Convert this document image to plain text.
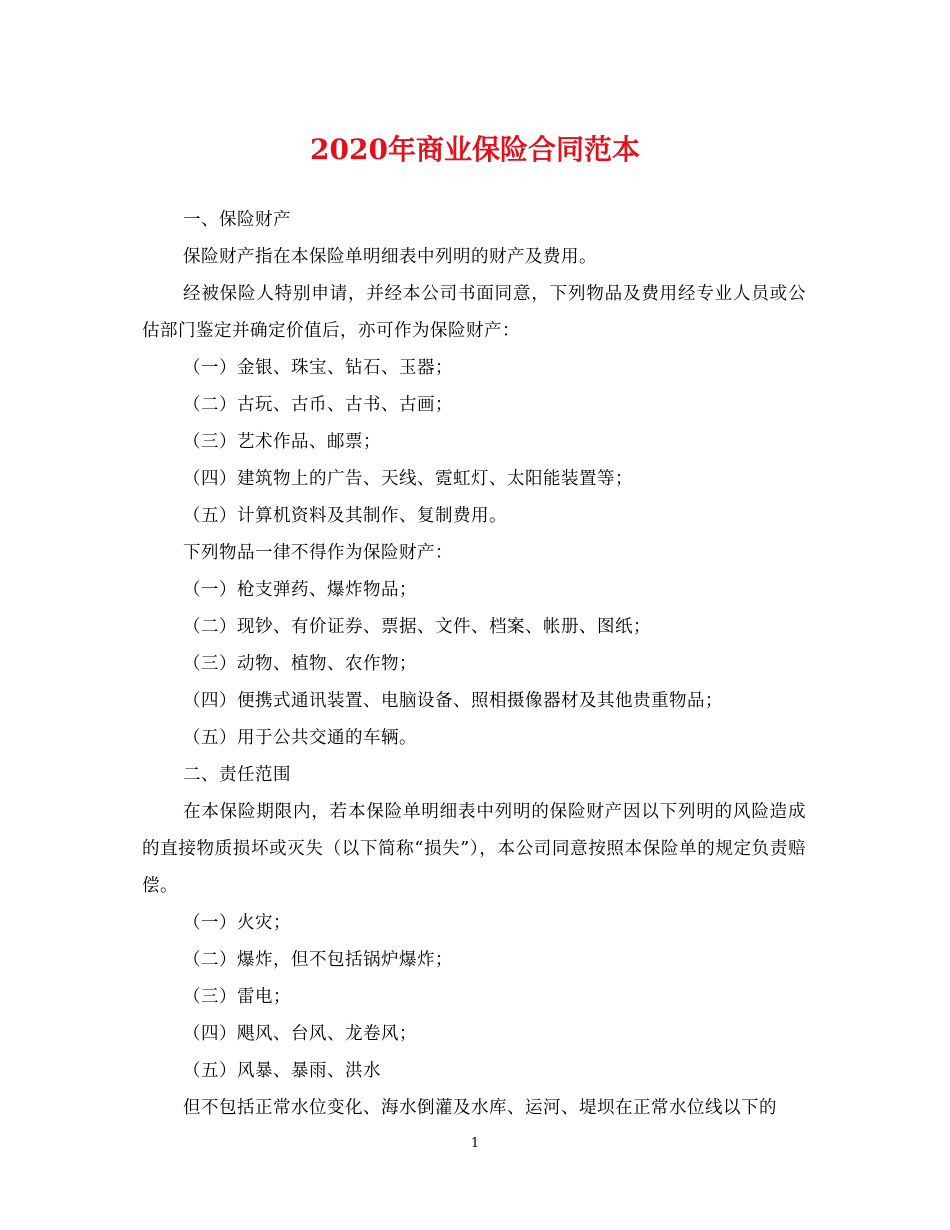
2020年商业保险合同范本

一、保险财产

保险财产指在本保险单明细表中列明的财产及费用。

经被保险人特别申请，并经本公司书面同意，下列物品及费用经专业人员或公估部门鉴定并确定价值后，亦可作为保险财产：

（一）金银、珠宝、钻石、玉器；

（二）古玩、古币、古书、古画；

（三）艺术作品、邮票；

（四）建筑物上的广告、天线、霓虹灯、太阳能装置等；

（五）计算机资料及其制作、复制费用。

下列物品一律不得作为保险财产：

（一）枪支弹药、爆炸物品；

（二）现钞、有价证券、票据、文件、档案、帐册、图纸；

（三）动物、植物、农作物；

（四）便携式通讯装置、电脑设备、照相摄像器材及其他贵重物品；

（五）用于公共交通的车辆。

二、责任范围

在本保险期限内，若本保险单明细表中列明的保险财产因以下列明的风险造成的直接物质损坏或灭失（以下简称“损失”），本公司同意按照本保险单的规定负责赔偿。

（一）火灾；

（二）爆炸，但不包括锅炉爆炸；

（三）雷电；

（四）飓风、台风、龙卷风；

（五）风暴、暴雨、洪水

但不包括正常水位变化、海水倒灌及水库、运河、堤坝在正常水位线以下的

1
